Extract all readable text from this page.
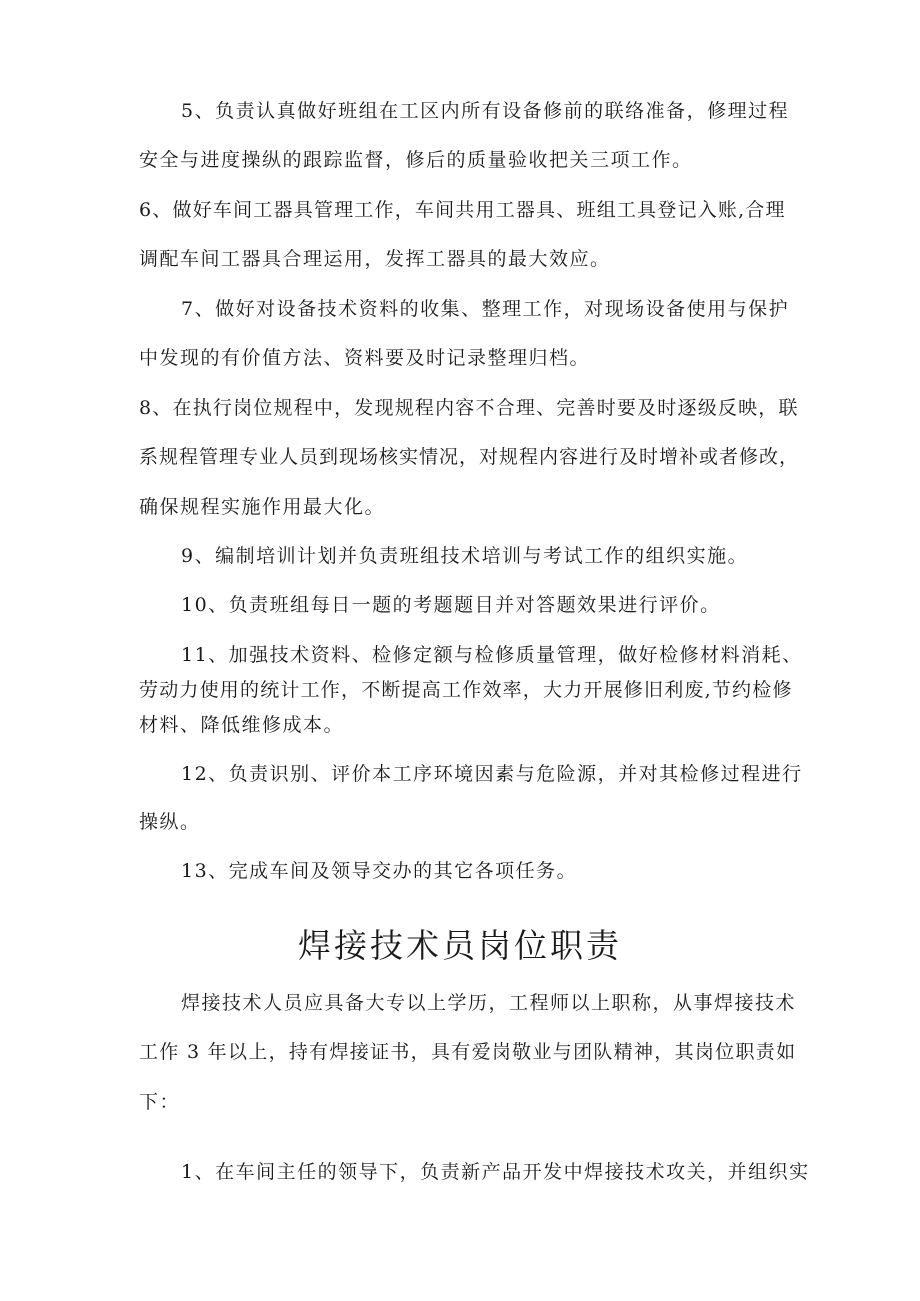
5、负责认真做好班组在工区内所有设备修前的联络准备，修理过程
安全与进度操纵的跟踪监督，修后的质量验收把关三项工作。
6、做好车间工器具管理工作，车间共用工器具、班组工具登记入账,合理
调配车间工器具合理运用，发挥工器具的最大效应。
7、做好对设备技术资料的收集、整理工作，对现场设备使用与保护
中发现的有价值方法、资料要及时记录整理归档。
8、在执行岗位规程中，发现规程内容不合理、完善时要及时逐级反映，联
系规程管理专业人员到现场核实情况，对规程内容进行及时增补或者修改，
确保规程实施作用最大化。
9、编制培训计划并负责班组技术培训与考试工作的组织实施。
10、负责班组每日一题的考题题目并对答题效果进行评价。
11、加强技术资料、检修定额与检修质量管理，做好检修材料消耗、
劳动力使用的统计工作，不断提高工作效率，大力开展修旧利废,节约检修
材料、降低维修成本。
12、负责识别、评价本工序环境因素与危险源，并对其检修过程进行
操纵。
13、完成车间及领导交办的其它各项任务。
焊接技术员岗位职责
焊接技术人员应具备大专以上学历，工程师以上职称，从事焊接技术
工作 3 年以上，持有焊接证书，具有爱岗敬业与团队精神，其岗位职责如
下：
1、在车间主任的领导下，负责新产品开发中焊接技术攻关，并组织实
